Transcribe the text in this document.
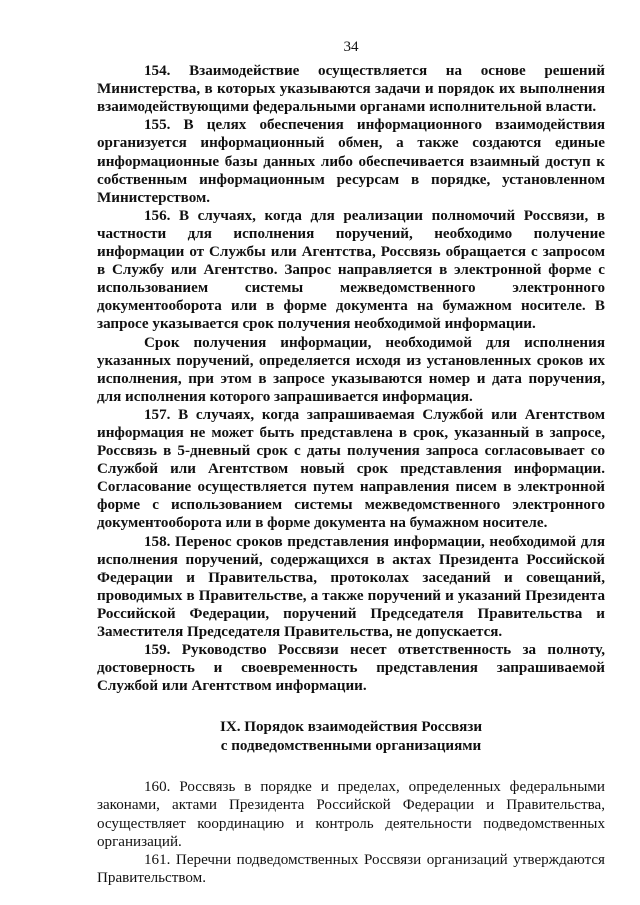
34

154. Взаимодействие осуществляется на основе решений Министерства, в которых указываются задачи и порядок их выполнения взаимодействующими федеральными органами исполнительной власти.

155. В целях обеспечения информационного взаимодействия организуется информационный обмен, а также создаются единые информационные базы данных либо обеспечивается взаимный доступ к собственным информационным ресурсам в порядке, установленном Министерством.

156. В случаях, когда для реализации полномочий Россвязи, в частности для исполнения поручений, необходимо получение информации от Службы или Агентства, Россвязь обращается с запросом в Службу или Агентство. Запрос направляется в электронной форме с использованием системы межведомственного электронного документооборота или в форме документа на бумажном носителе. В запросе указывается срок получения необходимой информации.

Срок получения информации, необходимой для исполнения указанных поручений, определяется исходя из установленных сроков их исполнения, при этом в запросе указываются номер и дата поручения, для исполнения которого запрашивается информация.

157. В случаях, когда запрашиваемая Службой или Агентством информация не может быть представлена в срок, указанный в запросе, Россвязь в 5-дневный срок с даты получения запроса согласовывает со Службой или Агентством новый срок представления информации. Согласование осуществляется путем направления писем в электронной форме с использованием системы межведомственного электронного документооборота или в форме документа на бумажном носителе.

158. Перенос сроков представления информации, необходимой для исполнения поручений, содержащихся в актах Президента Российской Федерации и Правительства, протоколах заседаний и совещаний, проводимых в Правительстве, а также поручений и указаний Президента Российской Федерации, поручений Председателя Правительства и Заместителя Председателя Правительства, не допускается.

159. Руководство Россвязи несет ответственность за полноту, достоверность и своевременность представления запрашиваемой Службой или Агентством информации.

IX. Порядок взаимодействия Россвязи
с подведомственными организациями

160. Россвязь в порядке и пределах, определенных федеральными законами, актами Президента Российской Федерации и Правительства, осуществляет координацию и контроль деятельности подведомственных организаций.

161. Перечни подведомственных Россвязи организаций утверждаются Правительством.
